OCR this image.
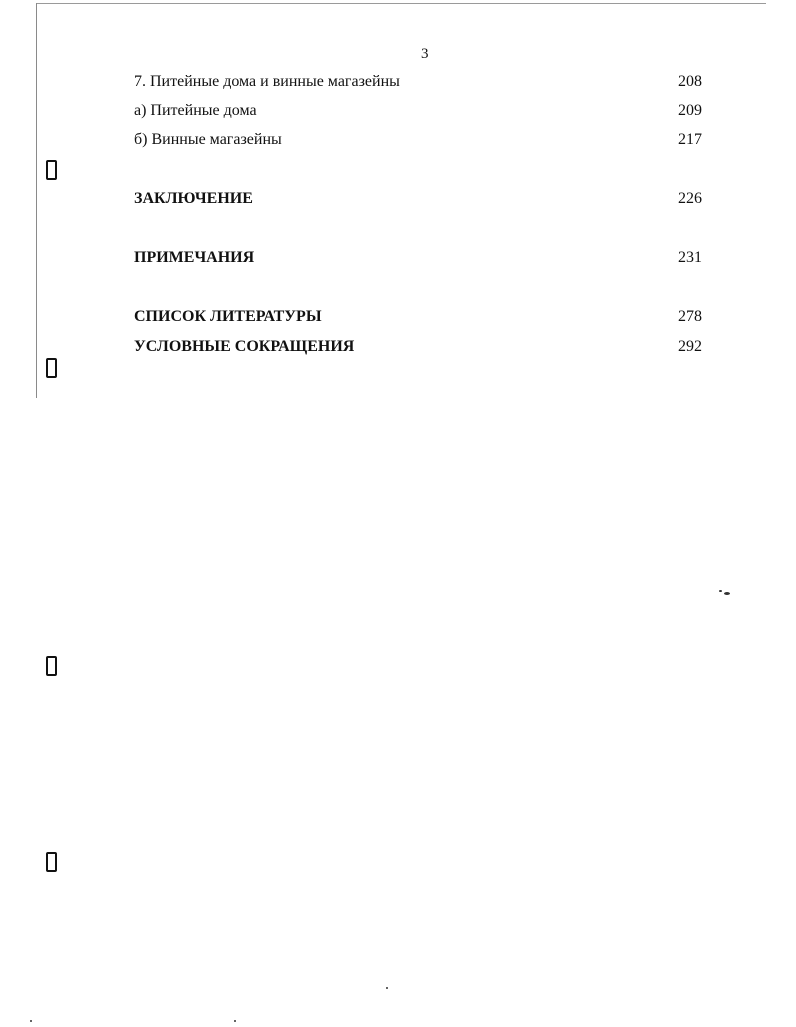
3
7. Питейные дома и винные магазейны	208
а) Питейные дома	209
б) Винные магазейны	217
ЗАКЛЮЧЕНИЕ	226
ПРИМЕЧАНИЯ	231
СПИСОК ЛИТЕРАТУРЫ	278
УСЛОВНЫЕ СОКРАЩЕНИЯ	292
